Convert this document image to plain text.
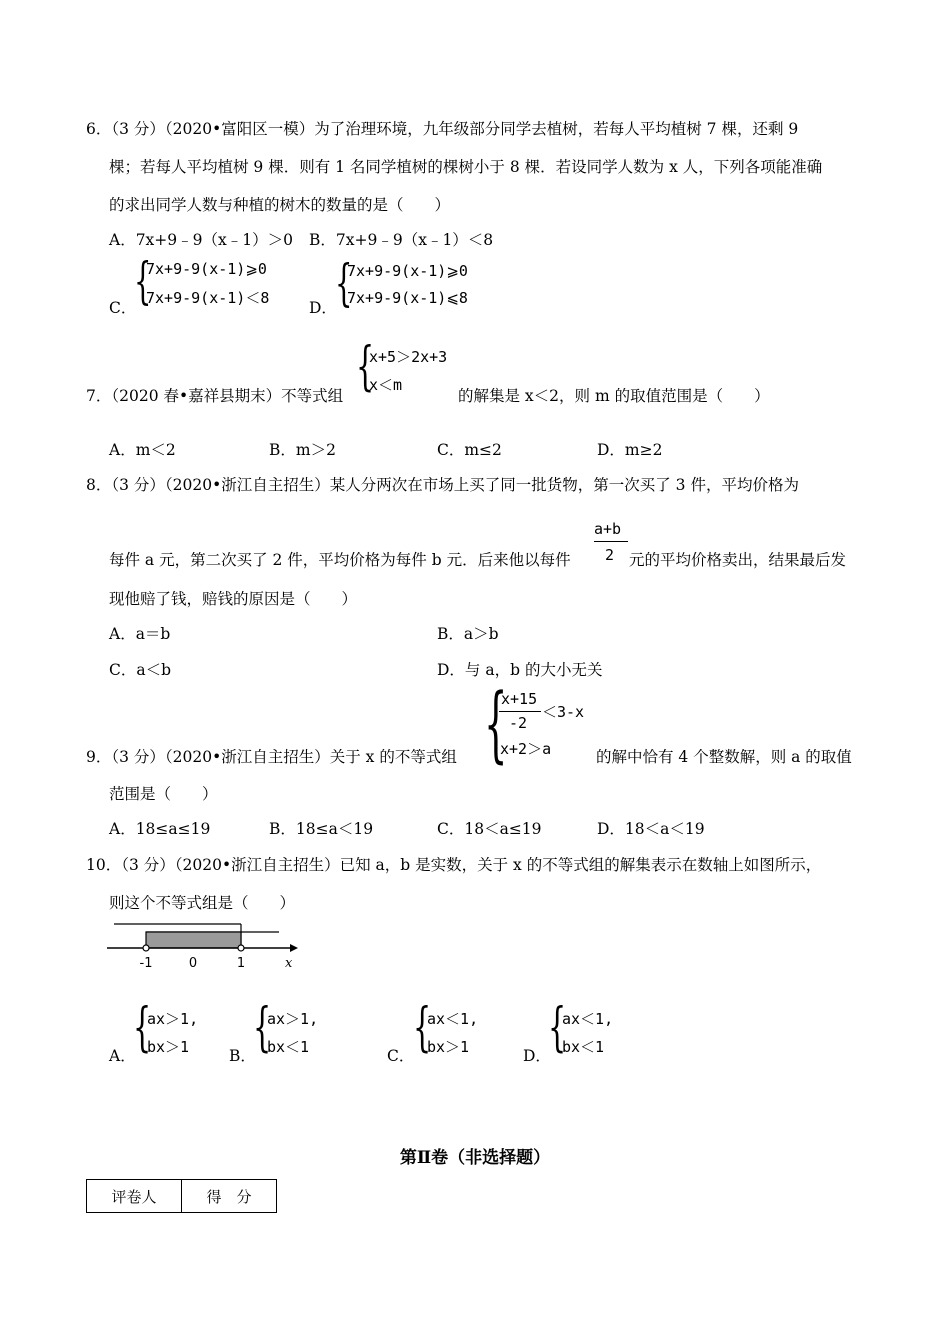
6．（3 分）（2020•富阳区一模）为了治理环境，九年级部分同学去植树，若每人平均植树 7 棵，还剩 9
棵；若每人平均植树 9 棵．则有 1 名同学植树的棵树小于 8 棵．若设同学人数为 x 人，下列各项能准确
的求出同学人数与种植的树木的数量的是（　　）
A．7x+9﹣9（x﹣1）＞0 B．7x+9﹣9（x﹣1）＜8
C．
{
7x+9-9(x-1)⩾0
7x+9-9(x-1)＜8
D．
{
7x+9-9(x-1)⩾0
7x+9-9(x-1)⩽8
7．（2020 春•嘉祥县期末）不等式组 {
x+5＞2x+3
x＜m
的解集是 x＜2，则 m 的取值范围是（　　）
A．m＜2	B．m＞2	C．m≤2	D．m≥2
8．（3 分）（2020•浙江自主招生）某人分两次在市场上买了同一批货物，第一次买了 3 件，平均价格为
每件 a 元，第二次买了 2 件，平均价格为每件 b 元．后来他以每件
a+b
2 元的平均价格卖出，结果最后发
现他赔了钱，赔钱的原因是（　　）
A．a＝b	B．a＞b
C．a＜b	D．与 a，b 的大小无关
9．（3 分）（2020•浙江自主招生）关于 x 的不等式组 {
x+15
-2
＜3-x
x+2＞a	的解中恰有 4 个整数解，则 a 的取值
范围是（　　）
A．18≤a≤19	B．18≤a＜19	C．18＜a≤19	D．18＜a＜19
10．（3 分）（2020•浙江自主招生）已知 a，b 是实数，关于 x 的不等式组的解集表示在数轴上如图所示，
则这个不等式组是（　　）
-1	0	1	x
A．
{
ax＞1,
bx＞1	B．
{
ax＞1,
bx＜1	C．
{
ax＜1,
bx＞1	D．
{
ax＜1,
bx＜1
第Ⅱ卷（非选择题）
评卷人	得　分
